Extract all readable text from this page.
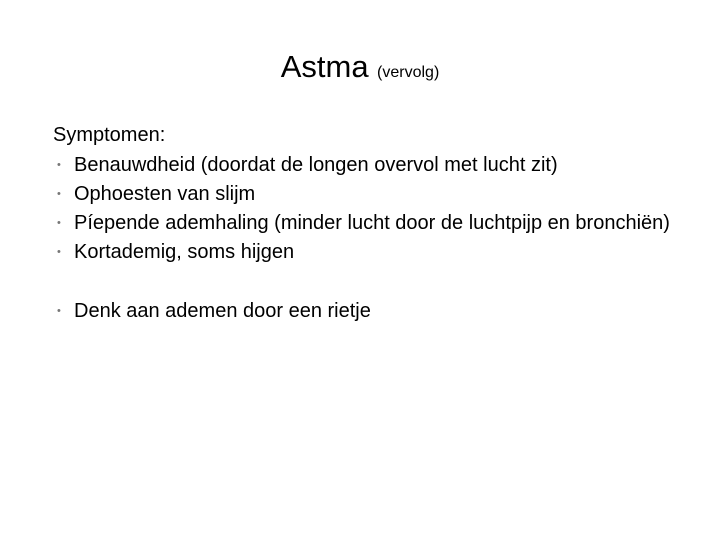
Astma (vervolg)
Symptomen:
• Benauwdheid (doordat de longen overvol met lucht zit)
• Ophoesten van slijm
• Píepende ademhaling (minder lucht door de luchtpijp en bronchiën)
• Kortademig, soms hijgen
• Denk aan ademen door een rietje
